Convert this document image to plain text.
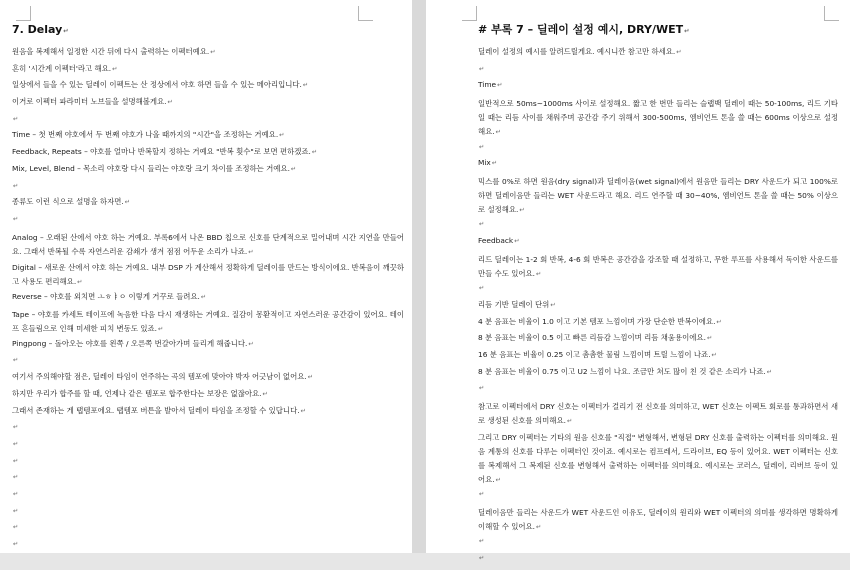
7. Delay↵
원음을 복제해서 일정한 시간 뒤에 다시 출력하는 이펙터예요.↵
흔히 '시간계 이펙터'라고 해요.↵
일상에서 들을 수 있는 딜레이 이펙트는 산 정상에서 야호 하면 들을 수 있는 메아리입니다.↵
이거로 이펙터 파라미터 노브들을 설명해볼게요.↵
↵
Time – 첫 번째 야호에서 두 번째 야호가 나올 때까지의 "시간"을 조정하는 거예요.↵
Feedback, Repeats – 야호를 얼마나 반복할지 정하는 거예요 "반복 횟수"로 보면 편하겠죠.↵
Mix, Level, Blend – 목소리 야호랑 다시 들리는 야호랑 크기 차이를 조정하는 거예요.↵
↵
종류도 이런 식으로 설명을 하자면.↵
↵
Analog – 오래된 산에서 야호 하는 거예요. 부록6에서 나온 BBD 칩으로 신호를 단계적으로 밀어내며 시간 지연을 만들어요. 그래서 반복될 수록 자연스러운 감쇄가 생겨 점점 어두운 소리가 나죠.↵
Digital – 새로운 산에서 야호 하는 거예요. 내부 DSP 가 계산해서 정확하게 딜레이를 만드는 방식이에요. 반복음이 깨끗하고 사용도 편리해요.↵
Reverse – 야호를 외치면 ㅗㅎㅑㅇ 이렇게 거꾸로 들려요.↵
Tape – 야호를 카세트 테이프에 녹음한 다음 다시 재생하는 거예요. 질감이 몽환적이고 자연스러운 공간감이 있어요. 테이프 흔들림으로 인해 미세한 피치 변동도 있죠.↵
Pingpong – 돌아오는 야호를 왼쪽 / 오른쪽 번갈아가며 들리게 해줍니다.↵
↵
여기서 주의해야할 점은, 딜레이 타임이 연주하는 곡의 템포에 맞아야 박자 어긋남이 없어요.↵
하지만 우리가 합주를 할 때, 언제나 같은 템포로 합주한다는 보장은 없잖아요.↵
그래서 존재하는 게 탭템포에요. 탭템포 버튼을 발아서 딜레이 타임을 조정할 수 있답니다.↵
↵
↵
↵
↵
↵
↵
↵
↵
# 부록 7 – 딜레이 설정 예시, DRY/WET↵
딜레이 설정의 예시를 알려드릴게요. 예시니깐 참고만 하세요.↵
↵
Time↵
일반적으로 50ms~1000ms 사이로 설정해요. 짧고 한 번만 들리는 슬랩백 딜레이 때는 50-100ms, 리드 기타일 때는 리듬 사이를 채워주며 공간감 주기 위해서 300-500ms, 엠비언트 톤을 쓸 때는 600ms 이상으로 설정해요.↵
↵
Mix↵
믹스를 0%로 하면 원음(dry signal)과 딜레이음(wet signal)에서 원음만 들리는 DRY 사운드가 되고 100%로 하면 딜레이음만 들리는 WET 사운드라고 해요. 리드 연주할 때 30~40%, 엠비언트 톤을 쓸 때는 50% 이상으로 설정해요.↵
↵
Feedback↵
리드 딜레이는 1-2 회 반복, 4-6 회 반복은 공간감을 강조할 때 설정하고, 무한 루프를 사용해서 독이한 사운드를 만들 수도 있어요.↵
↵
리듬 기반 딜레이 단위↵
4 분 음표는 비율이 1.0 이고 기본 템포 느낌이며 가장 단순한 반복이에요.↵
8 분 음표는 비율이 0.5 이고 빠른 리듬감 느낌이며 리듬 채움용이에요.↵
16 분 음표는 비율이 0.25 이고 촘촘한 물림 느낌이며 트릴 느낌이 나죠.↵
8 분 음표는 비율이 0.75 이고 U2 느낌이 나요. 조금만 쳐도 많이 친 것 같은 소리가 나죠.↵
↵
참고로 이펙터에서 DRY 신호는 이펙터가 걸리기 전 신호를 의미하고, WET 신호는 이펙트 회로를 통과하면서 새로 생성된 신호를 의미해요.↵
그리고 DRY 이펙터는 기타의 원음 신호를 "직접" 변형해서, 변형된 DRY 신호를 출력하는 이펙터를 의미해요. 원음 계통의 신호를 다루는 이펙터인 것이죠. 예시로는 컴프레서, 드라이브, EQ 등이 있어요. WET 이펙터는 신호를 복제해서 그 복제된 신호를 변형해서 출력하는 이펙터를 의미해요. 예시로는 코러스, 딜레이, 리버브 등이 있어요.↵
↵
딜레이음만 들리는 사운드가 WET 사운드인 이유도, 딜레이의 원리와 WET 이펙터의 의미를 생각하면 명확하게 이해할 수 있어요.↵
↵
↵
